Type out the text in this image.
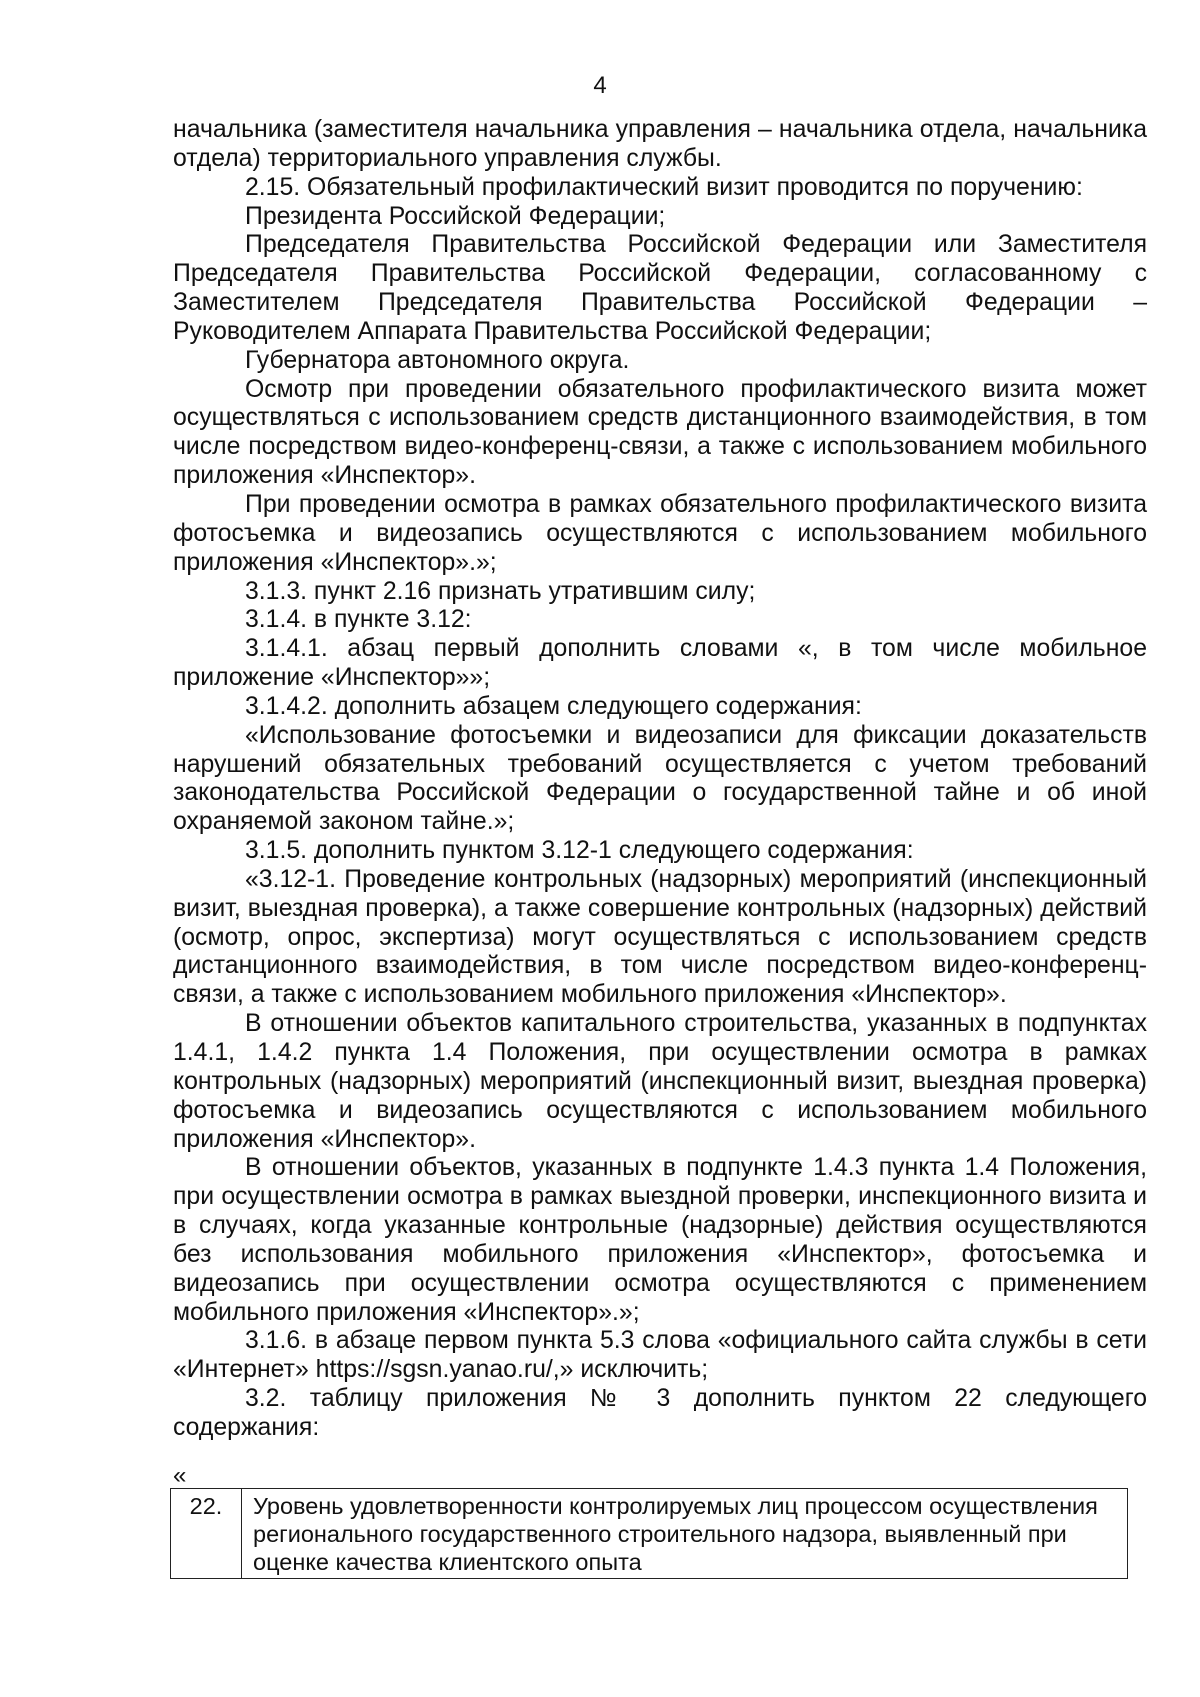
4

начальника (заместителя начальника управления – начальника отдела, начальника отдела) территориального управления службы.

2.15. Обязательный профилактический визит проводится по поручению:

Президента Российской Федерации;

Председателя Правительства Российской Федерации или Заместителя Председателя Правительства Российской Федерации, согласованному с Заместителем Председателя Правительства Российской Федерации – Руководителем Аппарата Правительства Российской Федерации;

Губернатора автономного округа.

Осмотр при проведении обязательного профилактического визита может осуществляться с использованием средств дистанционного взаимодействия, в том числе посредством видео-конференц-связи, а также с использованием мобильного приложения «Инспектор».

При проведении осмотра в рамках обязательного профилактического визита фотосъемка и видеозапись осуществляются с использованием мобильного приложения «Инспектор».»;

3.1.3. пункт 2.16 признать утратившим силу;

3.1.4. в пункте 3.12:

3.1.4.1. абзац первый дополнить словами «, в том числе мобильное приложение «Инспектор»»;

3.1.4.2. дополнить абзацем следующего содержания:

«Использование фотосъемки и видеозаписи для фиксации доказательств нарушений обязательных требований осуществляется с учетом требований законодательства Российской Федерации о государственной тайне и об иной охраняемой законом тайне.»;

3.1.5. дополнить пунктом 3.12-1 следующего содержания:

«3.12-1. Проведение контрольных (надзорных) мероприятий (инспекционный визит, выездная проверка), а также совершение контрольных (надзорных) действий (осмотр, опрос, экспертиза) могут осуществляться с использованием средств дистанционного взаимодействия, в том числе посредством видео-конференц-связи, а также с использованием мобильного приложения «Инспектор».

В отношении объектов капитального строительства, указанных в подпунктах 1.4.1, 1.4.2 пункта 1.4 Положения, при осуществлении осмотра в рамках контрольных (надзорных) мероприятий (инспекционный визит, выездная проверка) фотосъемка и видеозапись осуществляются с использованием мобильного приложения «Инспектор».

В отношении объектов, указанных в подпункте 1.4.3 пункта 1.4 Положения, при осуществлении осмотра в рамках выездной проверки, инспекционного визита и в случаях, когда указанные контрольные (надзорные) действия осуществляются без использования мобильного приложения «Инспектор», фотосъемка и видеозапись при осуществлении осмотра осуществляются с применением мобильного приложения «Инспектор».»;

3.1.6. в абзаце первом пункта 5.3 слова «официального сайта службы в сети «Интернет» https://sgsn.yanao.ru/,» исключить;

3.2. таблицу приложения № 3 дополнить пунктом 22 следующего содержания:

«
22.	Уровень удовлетворенности контролируемых лиц процессом осуществления регионального государственного строительного надзора, выявленный при оценке качества клиентского опыта
